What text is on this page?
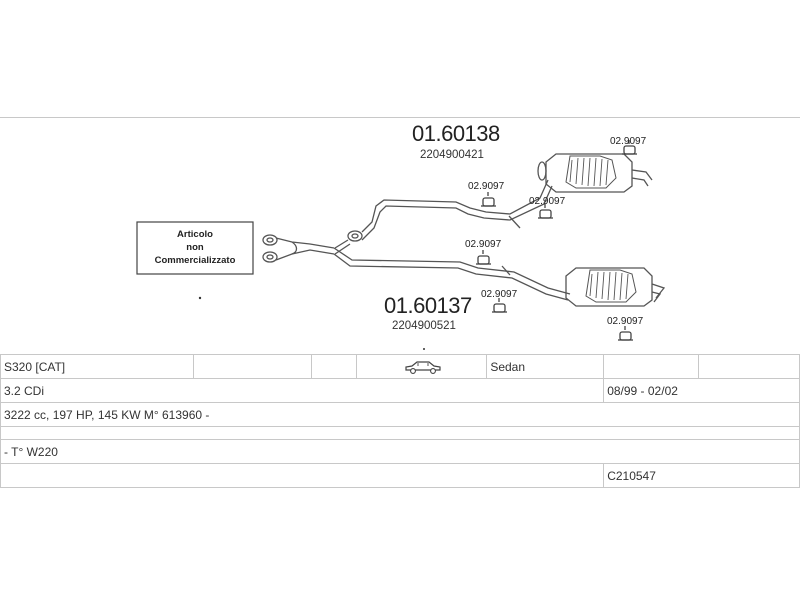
Articolo
non
Commercializzato
01.60138
2204900421
01.60137
2204900521
02.9097
02.9097
02.9097
02.9097
02.9097
02.9097
S320 [CAT]				Sedan		
3.2 CDi					08/99 - 02/02	
3222 cc, 197 HP, 145 KW M° 613960 -						

- T° W220						
					C210547	
